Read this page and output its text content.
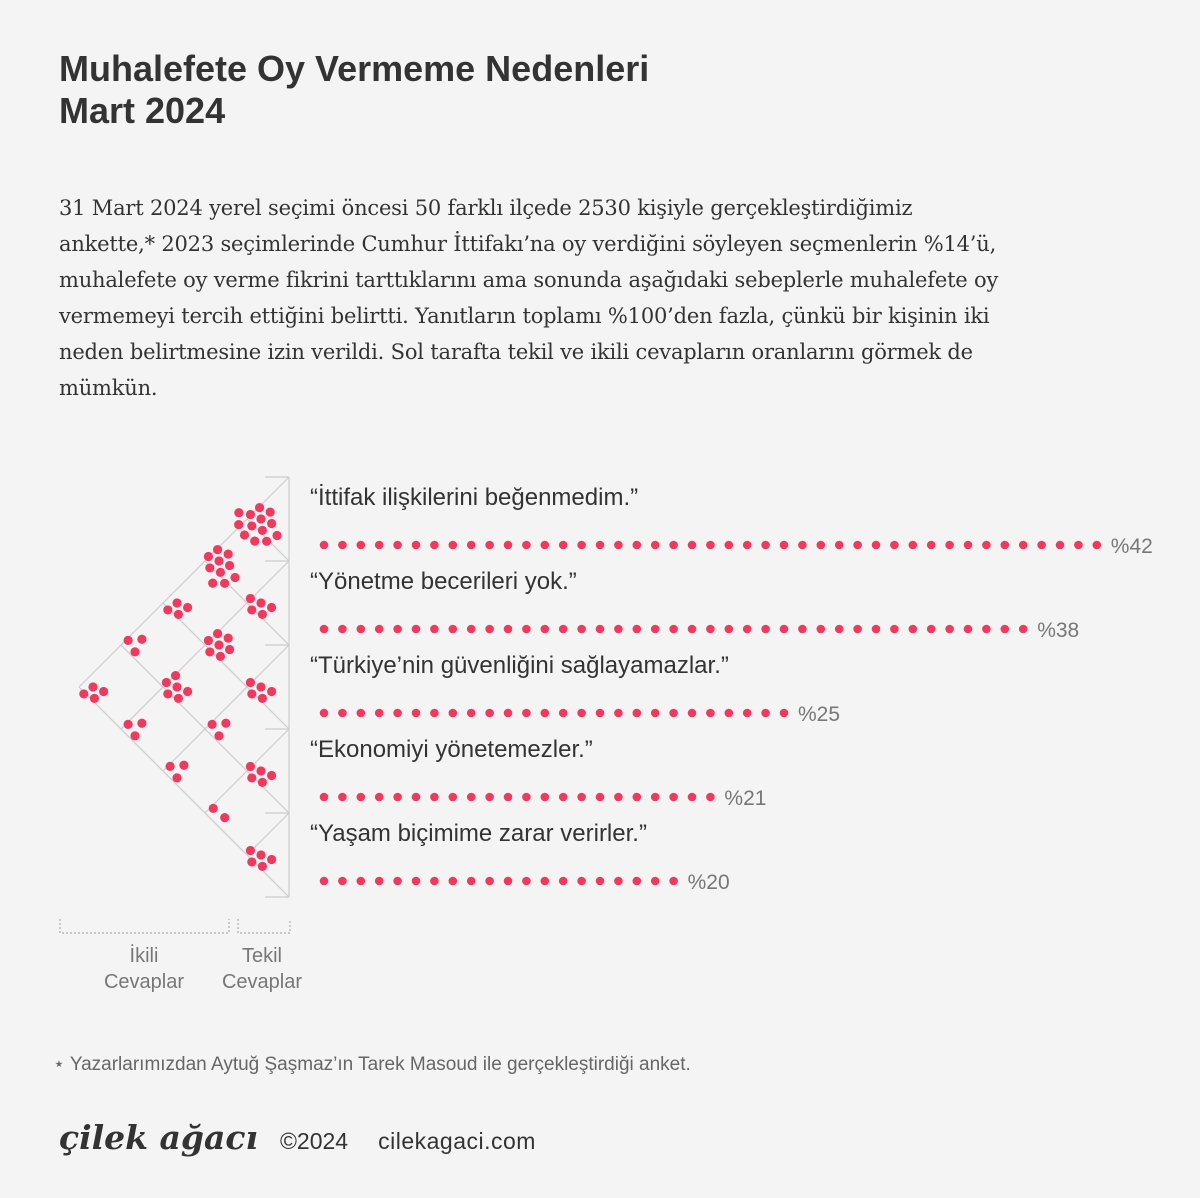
Muhalefete Oy Vermeme Nedenleri
Mart 2024

31 Mart 2024 yerel seçimi öncesi 50 farklı ilçede 2530 kişiyle gerçekleştirdiğimiz ankette,* 2023 seçimlerinde Cumhur İttifakı’na oy verdiğini söyleyen seçmenlerin %14’ü, muhalefete oy verme fikrini tarttıklarını ama sonunda aşağıdaki sebeplerle muhalefete oy vermemeyi tercih ettiğini belirtti. Yanıtların toplamı %100’den fazla, çünkü bir kişinin iki neden belirtmesine izin verildi. Sol tarafta tekil ve ikili cevapların oranlarını görmek de mümkün.

“İttifak ilişkilerini beğenmedim.”
%42
“Yönetme becerileri yok.”
%38
“Türkiye’nin güvenliğini sağlayamazlar.”
%25
“Ekonomiyi yönetemezler.”
%21
“Yaşam biçimime zarar verirler.”
%20
İkili
Cevaplar
Tekil
Cevaplar

⋆ Yazarlarımızdan Aytuğ Şaşmaz’ın Tarek Masoud ile gerçekleştirdiği anket.

çilek ağacı ©2024 cilekagaci.com
